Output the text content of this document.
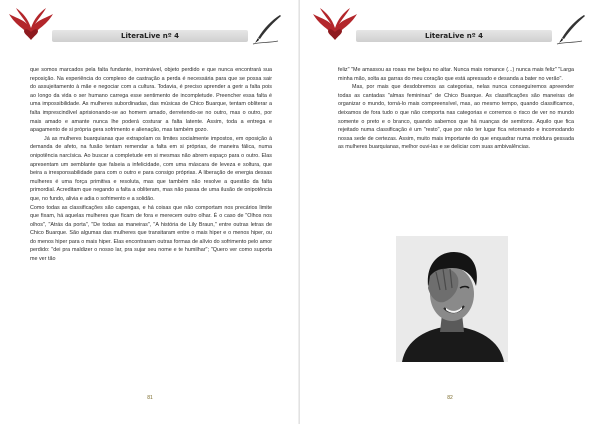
LiteraLive nº 4

que somos marcados pela falta fundante, inominável, objeto perdido e que nunca encontrará sua reposição. Na experiência do complexo de castração a perda é necessária para que se possa sair do assujeitamento à mãe e negociar com a cultura. Todavia, é preciso aprender a gerir a falta pois ao longo da vida o ser humano carrega esse sentimento de incompletude. Preencher essa falta é uma impossibilidade. As mulheres subordinadas, das músicas de Chico Buarque, tentam obliterar a falta imprescindível aprisionando-se ao homem amado, derretendo-se no outro, mas o outro, por mais amado e amante nunca lhe poderá costurar a falta latente. Assim, toda a entrega e apagamento de si própria gera sofrimento e alienação, mas também gozo.

Já as mulheres buarquianas que extrapolam os limites socialmente impostos, em oposição à demanda de afeto, na fusão tentam remendar a falta em si próprias, de maneira fálica, numa onipotência narcísica. Ao buscar a completude em si mesmas não abrem espaço para o outro. Elas apresentam um semblante que falseia a infelicidade, com uma máscara de leveza e soltura, que beira a irresponsabilidade para com o outro e para consigo próprias. A liberação de energia dessas mulheres é uma força primitiva e resoluta, mas que também não resolve a questão da falta primordial. Acreditam que negando a falta a obliteram, mas não passa de uma ilusão de onipotência que, no fundo, alivia e adia o sofrimento e a solidão.

Como todas as classificações são capengas, e há coisas que não comportam nos precários limite que fixam, há aquelas mulheres que ficam de fora e merecem outro olhar. É o caso de "Olhos nos olhos", "Atrás da porta", "De todas as maneiras", "A história de Lily Braun," entre outras letras de Chico Buarque. São algumas das mulheres que transitaram entre o mais hiper e o menos hiper, ou do menos hiper para o mais hiper. Elas encontraram outras formas de alívio do sofrimento pelo amor perdido: "dei pra maldizer o nosso lar, pra sujar seu nome e te humilhar"; "Quero ver como suporta me ver tão

81
LiteraLive nº 4

feliz" "Me amassou as rosas me beijou no altar. Nunca mais romance (...) nunca mais feliz" "Larga minha mão, solta as garras do meu coração que está apressado e desanda a bater no verão".

Mas, por mais que desdobremos as categorias, nelas nunca conseguiremos apreender todas as cantadas "almas femininas" de Chico Buarque. As classificações são maneiras de organizar o mundo, torná-lo mais compreensível, mas, ao mesmo tempo, quando classificamos, deixamos de fora tudo o que não comporta nas categorias e corremos o risco de ver no mundo somente o preto e o branco, quando sabemos que há nuanças de semitons. Aquilo que fica rejeitado numa classificação é um "resto", que por não ter lugar fica retornando e incomodando nossa sede de certezas. Assim, muito mais importante do que enquadrar numa moldura gessada as mulheres buarquianas, melhor ouvi-las e se deliciar com suas ambivalências.

82
